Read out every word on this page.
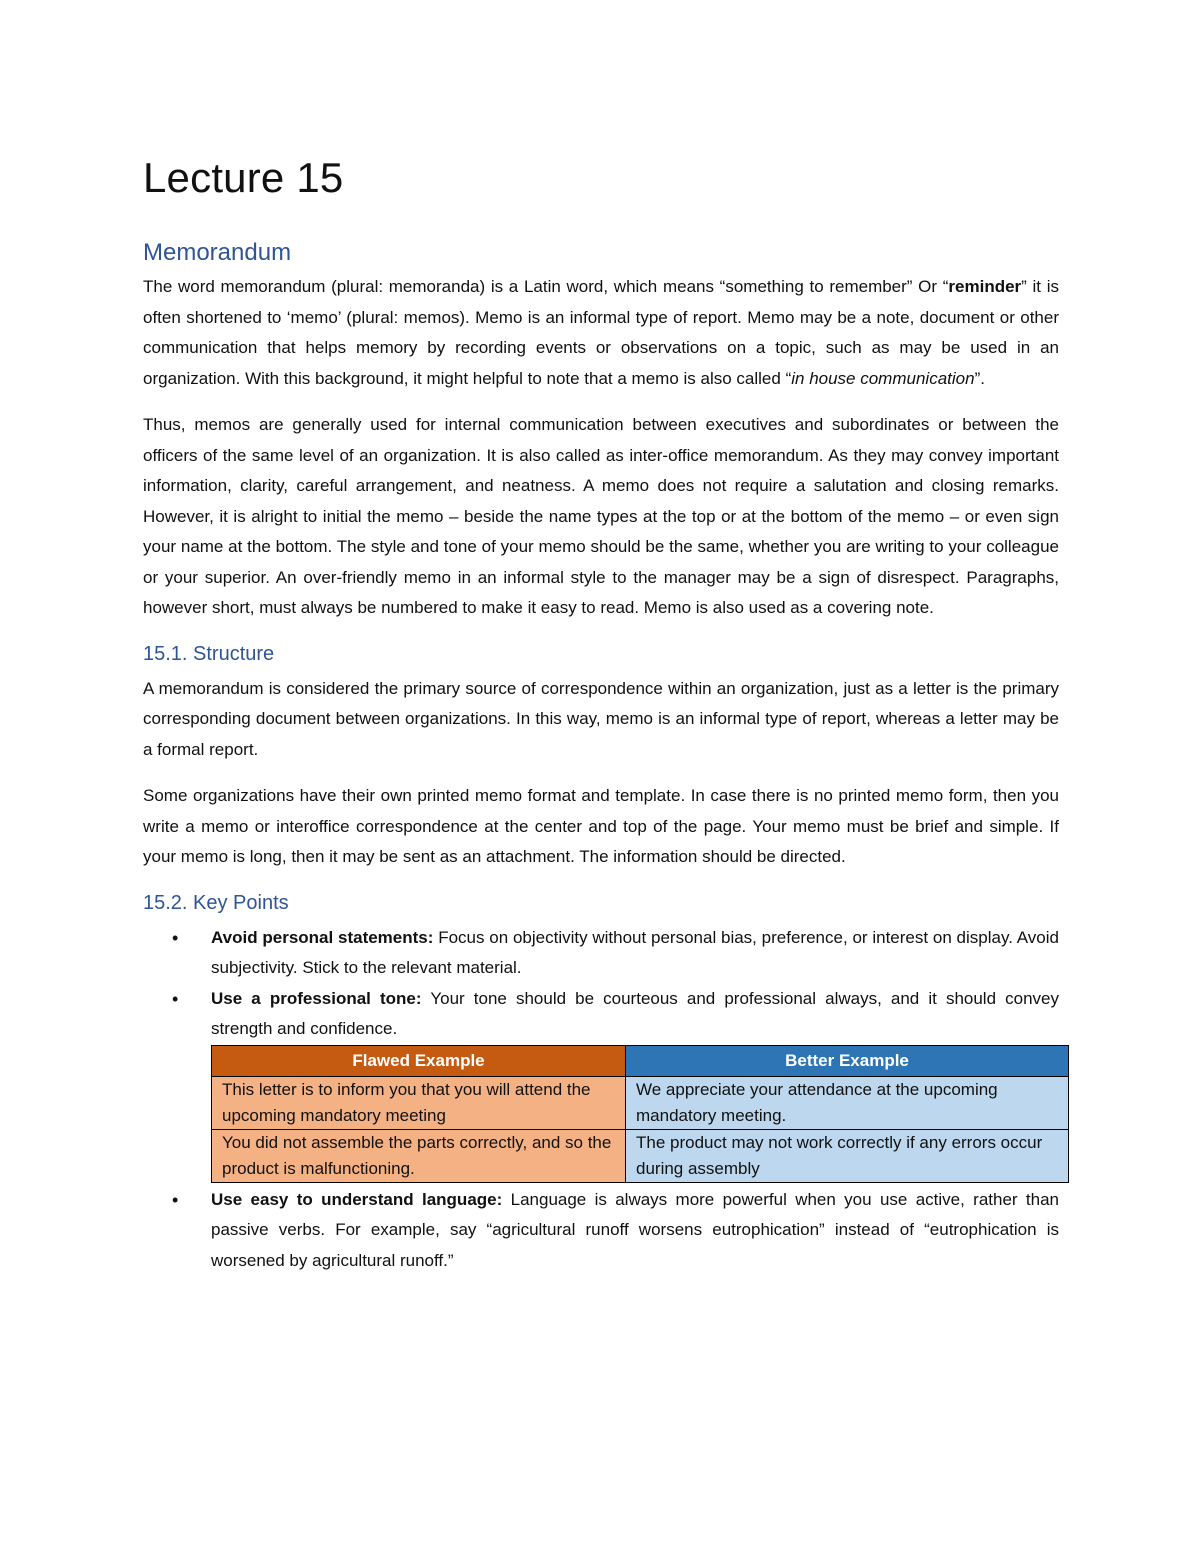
Lecture 15
Memorandum

The word memorandum (plural: memoranda) is a Latin word, which means “something to remember” Or “reminder” it is often shortened to ‘memo’ (plural: memos). Memo is an informal type of report. Memo may be a note, document or other communication that helps memory by recording events or observations on a topic, such as may be used in an organization. With this background, it might helpful to note that a memo is also called “in house communication”.

Thus, memos are generally used for internal communication between executives and subordinates or between the officers of the same level of an organization. It is also called as inter-office memorandum. As they may convey important information, clarity, careful arrangement, and neatness. A memo does not require a salutation and closing remarks. However, it is alright to initial the memo – beside the name types at the top or at the bottom of the memo – or even sign your name at the bottom. The style and tone of your memo should be the same, whether you are writing to your colleague or your superior. An over-friendly memo in an informal style to the manager may be a sign of disrespect. Paragraphs, however short, must always be numbered to make it easy to read. Memo is also used as a covering note.

15.1. Structure

A memorandum is considered the primary source of correspondence within an organization, just as a letter is the primary corresponding document between organizations. In this way, memo is an informal type of report, whereas a letter may be a formal report.

Some organizations have their own printed memo format and template. In case there is no printed memo form, then you write a memo or interoffice correspondence at the center and top of the page. Your memo must be brief and simple. If your memo is long, then it may be sent as an attachment. The information should be directed.

15.2. Key Points
• Avoid personal statements: Focus on objectivity without personal bias, preference, or interest on display. Avoid subjectivity. Stick to the relevant material.
• Use a professional tone: Your tone should be courteous and professional always, and it should convey strength and confidence.
Flawed Example	Better Example
This letter is to inform you that you will attend the upcoming mandatory meeting	We appreciate your attendance at the upcoming mandatory meeting.
You did not assemble the parts correctly, and so the product is malfunctioning.	The product may not work correctly if any errors occur during assembly
• Use easy to understand language: Language is always more powerful when you use active, rather than passive verbs. For example, say “agricultural runoff worsens eutrophication” instead of “eutrophication is worsened by agricultural runoff.”
